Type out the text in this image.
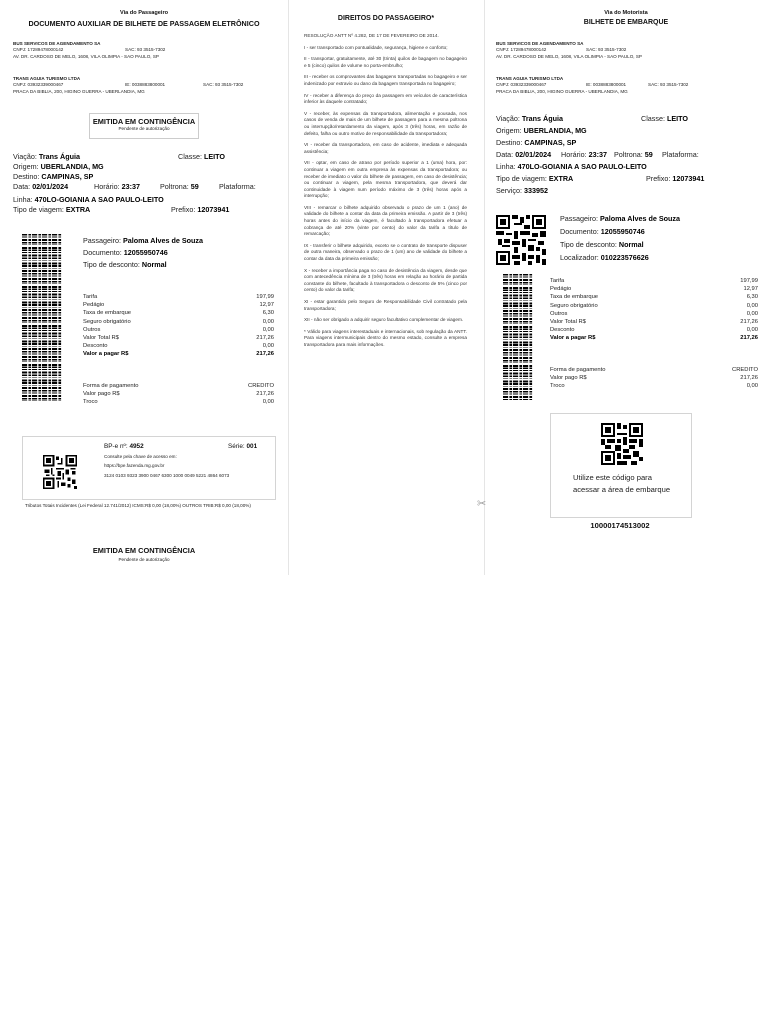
Via do Passageiro
DOCUMENTO AUXILIAR DE BILHETE DE PASSAGEM ELETRÔNICO
BUS SERVICOS DE AGENDAMENTO SA
CNPJ: 17289478000142	SAC: 93 3515-7302
AV. DR. CARDOSO DE MELO, 1608, VILA OLIMPIA - SAO PAULO, SP
TRANS AGUIA TURISMO LTDA
CNPJ: 03932339000467	IE: 0038883800001	SAC: 93 3515-7302
PRACA DA BIBLIA, 200, HIGINO GUERRA - UBERLANDIA, MG
EMITIDA EM CONTINGÊNCIA
Pendente de autorização
Viação: Trans Águia	Classe: LEITO
Origem: UBERLANDIA, MG
Destino: CAMPINAS, SP
Data: 02/01/2024	Horário: 23:37	Poltrona: 59	Plataforma:
Linha: 470LO-GOIANIA A SAO PAULO-LEITO
Tipo de viagem: EXTRA	Prefixo: 12073941
Passageiro: Paloma Alves de Souza
Documento: 12055950746
Tipo de desconto: Normal
Tarifa	197,99
Pedágio	12,97
Taxa de embarque	6,30
Seguro obrigatório	0,00
Outros	0,00
Valor Total R$	217,26
Desconto	0,00
Valor a pagar R$	217,26
Forma de pagamento	CREDITO
Valor pago R$	217,26
Troco	0,00
BP-e nº: 4952	Série: 001
Consulte pela chave de acesso em:
https://bpe.fazenda.mg.gov.br
3124 0103 9323 3900 0467 6300 1000 0049 5221 4864 6073
Tributos Totais Incidentes (Lei Federal 12.741/2012) ICMS:R$ 0,00 (18,00%) OUTROS TRIB:R$ 0,00 (18,00%)
EMITIDA EM CONTINGÊNCIA
Pendente de autorização
DIREITOS DO PASSAGEIRO*

RESOLUÇÃO ANTT Nº 4.282, DE 17 DE FEVEREIRO DE 2014.

I - ser transportado com pontualidade, segurança, higiene e conforto;

II - transportar, gratuitamente, até 30 (trinta) quilos de bagagem no bagageiro e 5 (cinco) quilos de volume no porta-embrulho;

III - receber os comprovantes das bagagens transportadas no bagageiro e ser indenizado por extravio ou dano da bagagem transportada no bagageiro;

IV - receber a diferença do preço da passagem em veículos de característica inferior às daquele contratado;

V - receber, às expensas da transportadora, alimentação e pousada, nos casos de venda de mais de um bilhete de passagem para a mesma poltrona ou interrupção/retardamento da viagem, após 3 (três) horas, em razão de defeito, falha ou outro motivo de responsabilidade da transportadora;

VI - receber da transportadora, em caso de acidente, imediata e adequada assistência;

VII - optar, em caso de atraso por período superior a 1 (uma) hora, por: continuar a viagem em outra empresa às expensas da transportadora; ou receber de imediato o valor do bilhete de passagem, em caso de desistência; ou continuar a viagem, pela mesma transportadora, que deverá dar continuidade à viagem num período máximo de 3 (três) horas após a interrupção;

VIII - remarcar o bilhete adquirido observado o prazo de um 1 (ano) de validade do bilhete a contar da data da primeira emissão. A partir de 3 (três) horas antes do início da viagem, é facultado à transportadora efetuar a cobrança de até 20% (vinte por cento) do valor da tarifa a título de remarcação;

IX - transferir o bilhete adquirido, exceto se o contrato de transporte dispuser de outra maneira, observado o prazo de 1 (um) ano de validade do bilhete a contar da data da primeira emissão;

X - receber a importância paga no caso de desistência da viagem, desde que com antecedência mínima de 3 (três) horas em relação ao horário de partida constante do bilhete, facultado à transportadora o desconto de 5% (cinco por cento) do valor da tarifa;

XI - estar garantido pelo Seguro de Responsabilidade Civil contratado pela transportadora;

XII - não ser obrigado a adquirir seguro facultativo complementar de viagem.

* Válido para viagens interestaduais e internacionais, sob regulação da ANTT. Para viagens intermunicipais dentro do mesmo estado, consulte a empresa transportadora para mais informações.

✂
Via do Motorista
BILHETE DE EMBARQUE
BUS SERVICOS DE AGENDAMENTO SA
CNPJ: 17289478000142	SAC: 93 3515-7302
AV. DR. CARDOSO DE MELO, 1608, VILA OLIMPIA - SAO PAULO, SP
TRANS AGUIA TURISMO LTDA
CNPJ: 03932339000467	IE: 0038883800001	SAC: 93 3515-7302
PRACA DA BIBLIA, 200, HIGINO GUERRA - UBERLANDIA, MG
Viação: Trans Águia	Classe: LEITO
Origem: UBERLANDIA, MG
Destino: CAMPINAS, SP
Data: 02/01/2024 Horário: 23:37 Poltrona: 59 Plataforma:
Linha: 470LO-GOIANIA A SAO PAULO-LEITO
Tipo de viagem: EXTRA	Prefixo: 12073941
Serviço: 333952
Passageiro: Paloma Alves de Souza
Documento: 12055950746
Tipo de desconto: Normal
Localizador: 010223576626
Tarifa	197,99
Pedágio	12,97
Taxa de embarque	6,30
Seguro obrigatório	0,00
Outros	0,00
Valor Total R$	217,26
Desconto	0,00
Valor a pagar R$	217,26
Forma de pagamento	CREDITO
Valor pago R$	217,26
Troco	0,00
Utilize este código para acessar a área de embarque
10000174513002
